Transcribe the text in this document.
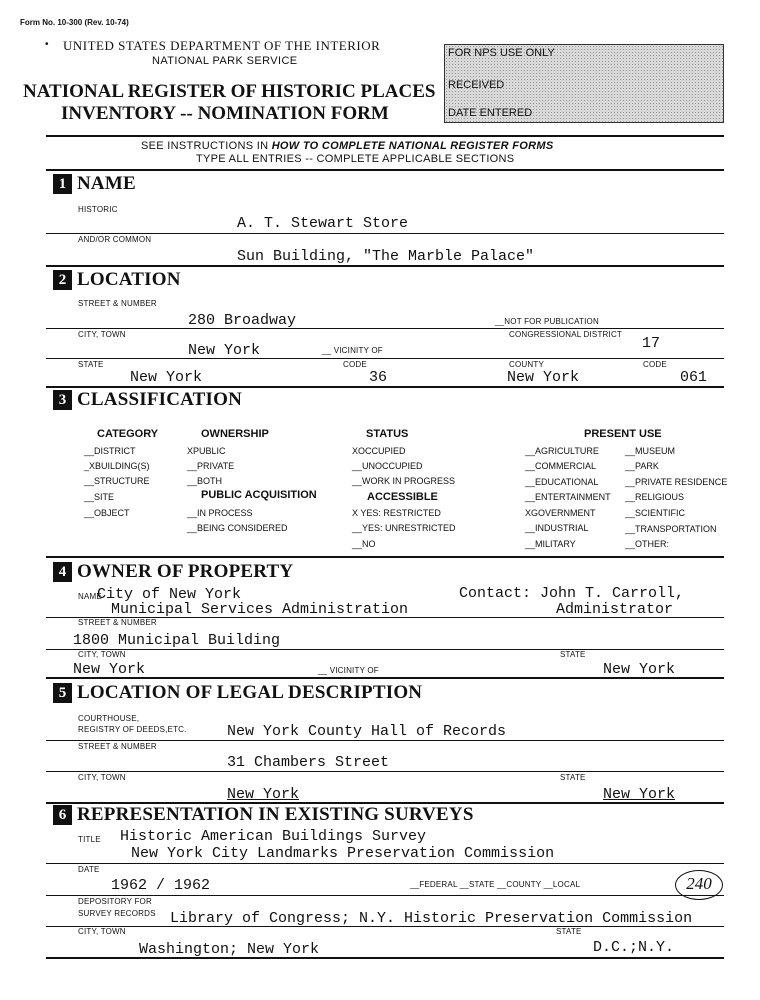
Form No. 10-300 (Rev. 10-74)
• UNITED STATES DEPARTMENT OF THE INTERIOR
NATIONAL PARK SERVICE
NATIONAL REGISTER OF HISTORIC PLACES
INVENTORY -- NOMINATION FORM
FOR NPS USE ONLY
RECEIVED
DATE ENTERED
SEE INSTRUCTIONS IN HOW TO COMPLETE NATIONAL REGISTER FORMS
TYPE ALL ENTRIES -- COMPLETE APPLICABLE SECTIONS
1 NAME
HISTORIC
A. T. Stewart Store
AND/OR COMMON
Sun Building, "The Marble Palace"
2 LOCATION
STREET & NUMBER
280 Broadway	__NOT FOR PUBLICATION
CITY, TOWN	CONGRESSIONAL DISTRICT
New York	__ VICINITY OF	17
STATE	CODE	COUNTY	CODE
New York	36	New York	061
3 CLASSIFICATION
CATEGORY
__DISTRICT
_XBUILDING(S)
__STRUCTURE
__SITE
__OBJECT
OWNERSHIP
XPUBLIC
__PRIVATE
__BOTH
PUBLIC ACQUISITION
__IN PROCESS
__BEING CONSIDERED
STATUS
XOCCUPIED
__UNOCCUPIED
__WORK IN PROGRESS
ACCESSIBLE
X YES: RESTRICTED
__YES: UNRESTRICTED
__NO
PRESENT USE
__AGRICULTURE
__COMMERCIAL
__EDUCATIONAL
__ENTERTAINMENT
XGOVERNMENT
__INDUSTRIAL
__MILITARY
__MUSEUM
__PARK
__PRIVATE RESIDENCE
__RELIGIOUS
__SCIENTIFIC
__TRANSPORTATION
__OTHER:
4 OWNER OF PROPERTY
NAME
City of New York
Municipal Services Administration
Contact: John T. Carroll,
Administrator
STREET & NUMBER
1800 Municipal Building
CITY, TOWN	STATE
New York	__ VICINITY OF	New York
5 LOCATION OF LEGAL DESCRIPTION
COURTHOUSE,
REGISTRY OF DEEDS,ETC.	New York County Hall of Records
STREET & NUMBER
31 Chambers Street
CITY, TOWN	STATE
New York	New York
6 REPRESENTATION IN EXISTING SURVEYS
TITLE Historic American Buildings Survey
New York City Landmarks Preservation Commission
DATE
1962 / 1962	__FEDERAL __STATE __COUNTY __LOCAL	240
DEPOSITORY FOR
SURVEY RECORDS Library of Congress; N.Y. Historic Preservation Commission
CITY, TOWN	STATE
Washington; New York	D.C.;N.Y.
